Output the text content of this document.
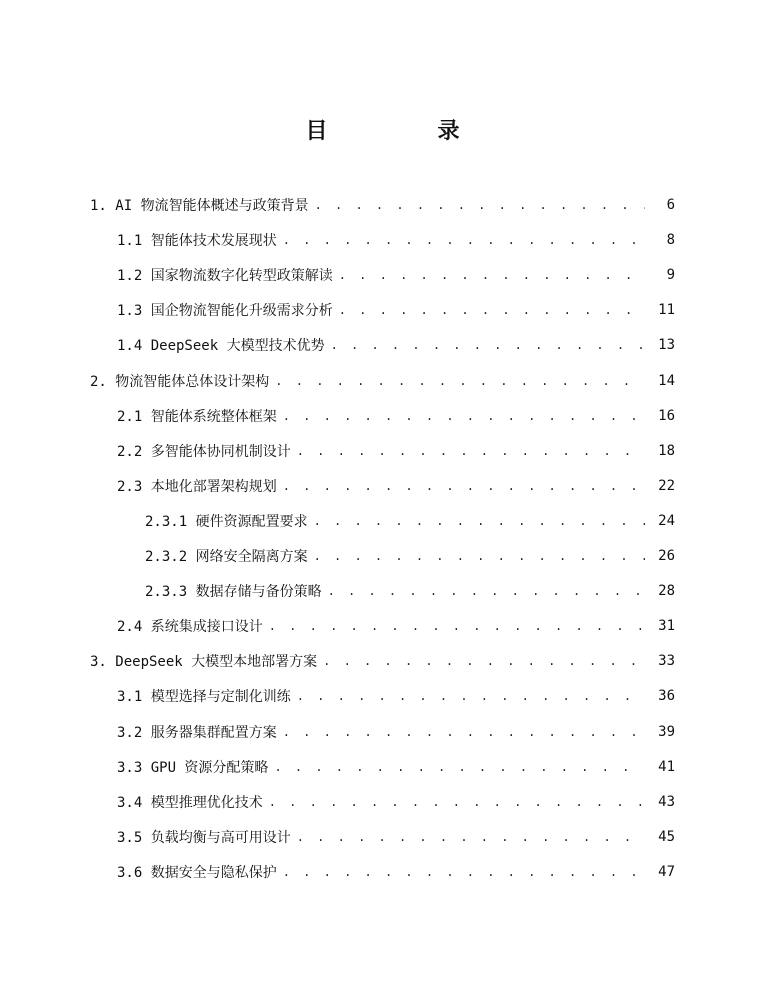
目　录
1. AI 物流智能体概述与政策背景 . . .	6
1.1 智能体技术发展现状 . . .	8
1.2 国家物流数字化转型政策解读 . . .	9
1.3 国企物流智能化升级需求分析 . . .	11
1.4 DeepSeek 大模型技术优势 . . .	13
2. 物流智能体总体设计架构 . . .	14
2.1 智能体系统整体框架 . . .	16
2.2 多智能体协同机制设计 . . .	18
2.3 本地化部署架构规划 . . .	22
2.3.1 硬件资源配置要求 . . .	24
2.3.2 网络安全隔离方案 . . .	26
2.3.3 数据存储与备份策略 . . .	28
2.4 系统集成接口设计 . . .	31
3. DeepSeek 大模型本地部署方案 . . .	33
3.1 模型选择与定制化训练 . . .	36
3.2 服务器集群配置方案 . . .	39
3.3 GPU 资源分配策略 . . .	41
3.4 模型推理优化技术 . . .	43
3.5 负载均衡与高可用设计 . . .	45
3.6 数据安全与隐私保护 . . .	47
